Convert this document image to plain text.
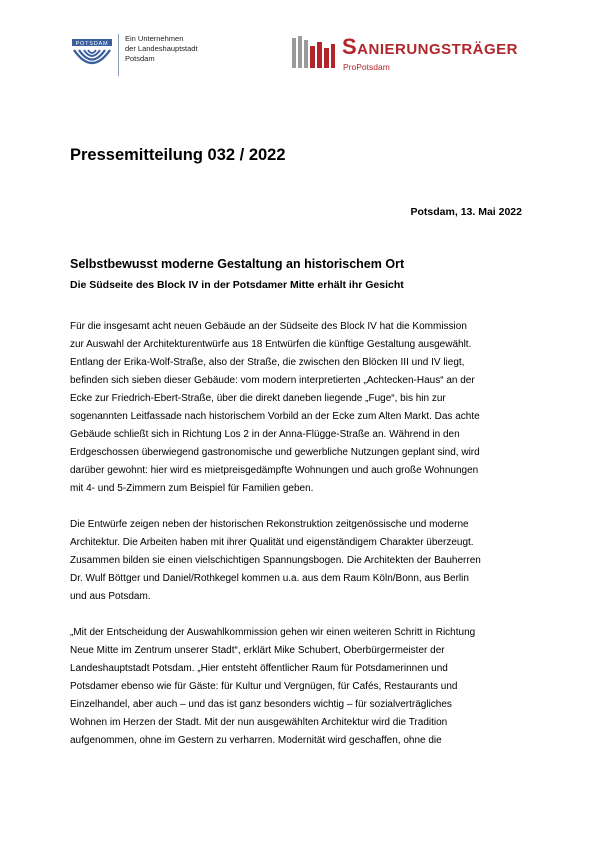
POTSDAM
Ein Unternehmen
der Landeshauptstadt
Potsdam	Sanierungsträger
ProPotsdam
Pressemitteilung 032 / 2022
Potsdam, 13. Mai 2022
Selbstbewusst moderne Gestaltung an historischem Ort
Die Südseite des Block IV in der Potsdamer Mitte erhält ihr Gesicht

Für die insgesamt acht neuen Gebäude an der Südseite des Block IV hat die Kommission
zur Auswahl der Architekturentwürfe aus 18 Entwürfen die künftige Gestaltung ausgewählt.
Entlang der Erika-Wolf-Straße, also der Straße, die zwischen den Blöcken III und IV liegt,
befinden sich sieben dieser Gebäude: vom modern interpretierten „Achtecken-Haus“ an der
Ecke zur Friedrich-Ebert-Straße, über die direkt daneben liegende „Fuge“, bis hin zur
sogenannten Leitfassade nach historischem Vorbild an der Ecke zum Alten Markt. Das achte
Gebäude schließt sich in Richtung Los 2 in der Anna-Flügge-Straße an. Während in den
Erdgeschossen überwiegend gastronomische und gewerbliche Nutzungen geplant sind, wird
darüber gewohnt: hier wird es mietpreisgedämpfte Wohnungen und auch große Wohnungen
mit 4- und 5-Zimmern zum Beispiel für Familien geben.

Die Entwürfe zeigen neben der historischen Rekonstruktion zeitgenössische und moderne
Architektur. Die Arbeiten haben mit ihrer Qualität und eigenständigem Charakter überzeugt.
Zusammen bilden sie einen vielschichtigen Spannungsbogen. Die Architekten der Bauherren
Dr. Wulf Böttger und Daniel/Rothkegel kommen u.a. aus dem Raum Köln/Bonn, aus Berlin
und aus Potsdam.

„Mit der Entscheidung der Auswahlkommission gehen wir einen weiteren Schritt in Richtung
Neue Mitte im Zentrum unserer Stadt“, erklärt Mike Schubert, Oberbürgermeister der
Landeshauptstadt Potsdam. „Hier entsteht öffentlicher Raum für Potsdamerinnen und
Potsdamer ebenso wie für Gäste: für Kultur und Vergnügen, für Cafés, Restaurants und
Einzelhandel, aber auch – und das ist ganz besonders wichtig – für sozialverträgliches
Wohnen im Herzen der Stadt. Mit der nun ausgewählten Architektur wird die Tradition
aufgenommen, ohne im Gestern zu verharren. Modernität wird geschaffen, ohne die
